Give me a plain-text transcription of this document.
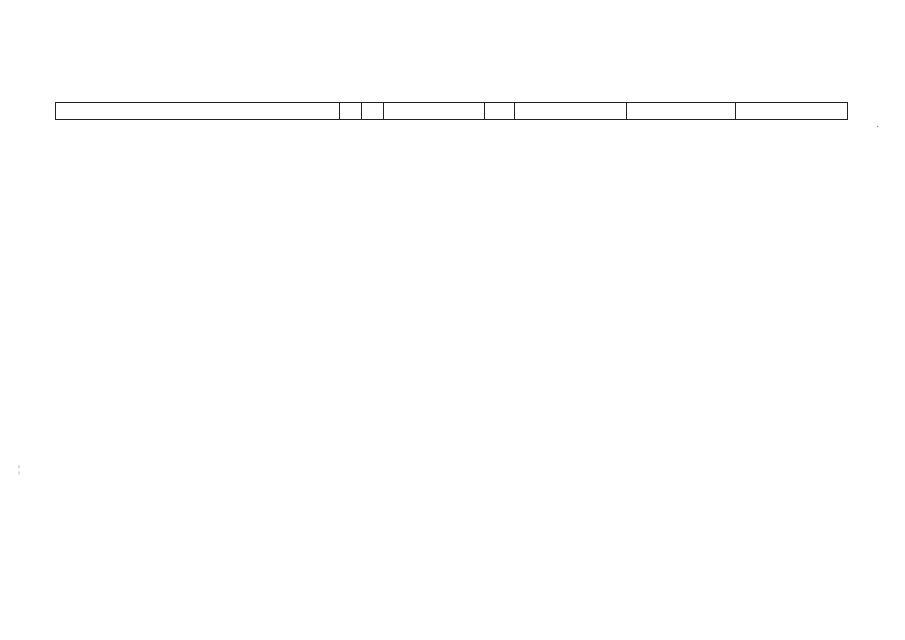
·
¦
